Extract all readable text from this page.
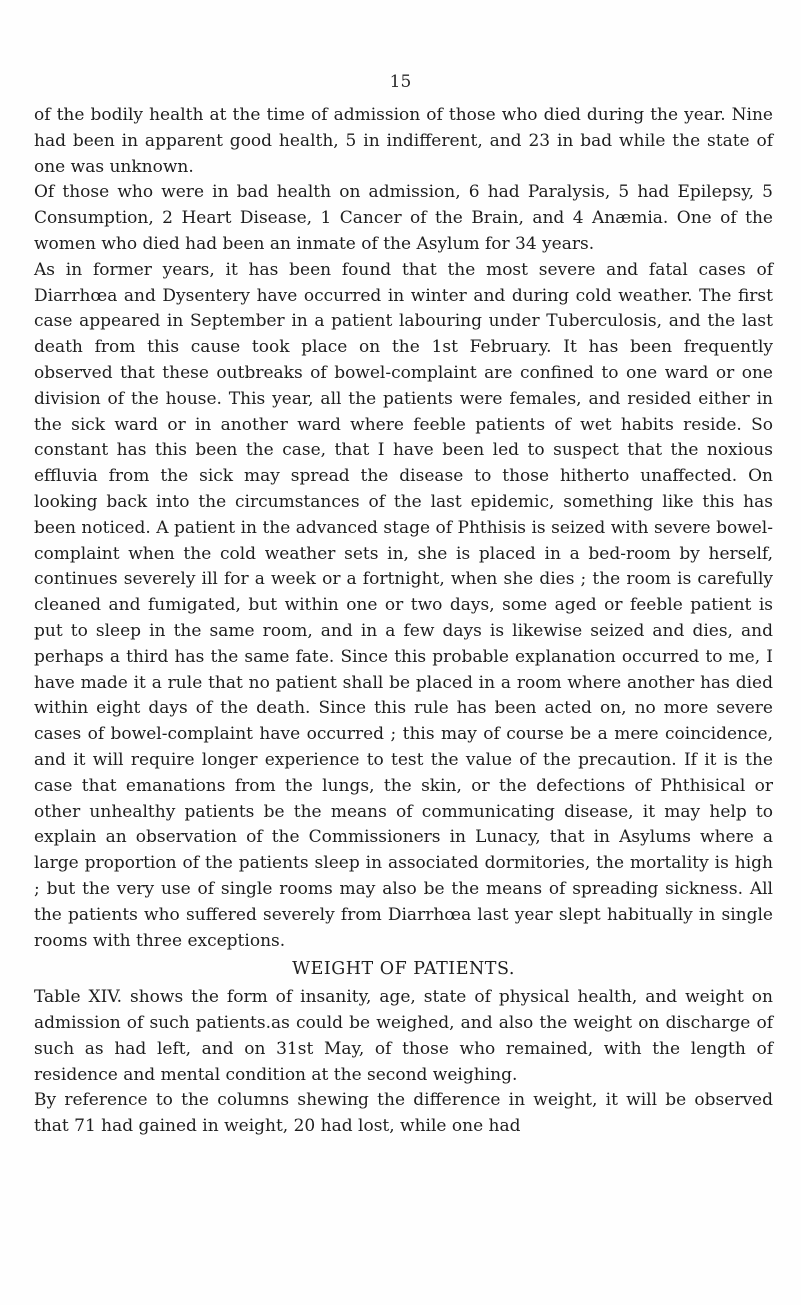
15

of the bodily health at the time of admission of those who died during the year. Nine had been in apparent good health, 5 in indifferent, and 23 in bad while the state of one was unknown.

Of those who were in bad health on admission, 6 had Paralysis, 5 had Epilepsy, 5 Consumption, 2 Heart Disease, 1 Cancer of the Brain, and 4 Anæmia. One of the women who died had been an inmate of the Asylum for 34 years.

As in former years, it has been found that the most severe and fatal cases of Diarrhœa and Dysentery have occurred in winter and during cold weather. The first case appeared in September in a patient labouring under Tuberculosis, and the last death from this cause took place on the 1st February. It has been frequently observed that these outbreaks of bowel-complaint are confined to one ward or one division of the house. This year, all the patients were females, and resided either in the sick ward or in another ward where feeble patients of wet habits reside. So constant has this been the case, that I have been led to suspect that the noxious effluvia from the sick may spread the disease to those hitherto unaffected. On looking back into the circumstances of the last epidemic, something like this has been noticed. A patient in the advanced stage of Phthisis is seized with severe bowel-complaint when the cold weather sets in, she is placed in a bed-room by herself, continues severely ill for a week or a fortnight, when she dies ; the room is carefully cleaned and fumigated, but within one or two days, some aged or feeble patient is put to sleep in the same room, and in a few days is likewise seized and dies, and perhaps a third has the same fate. Since this probable explanation occurred to me, I have made it a rule that no patient shall be placed in a room where another has died within eight days of the death. Since this rule has been acted on, no more severe cases of bowel-complaint have occurred ; this may of course be a mere coincidence, and it will require longer experience to test the value of the precaution. If it is the case that emanations from the lungs, the skin, or the defections of Phthisical or other unhealthy patients be the means of communicating disease, it may help to explain an observation of the Commissioners in Lunacy, that in Asylums where a large proportion of the patients sleep in associated dormitories, the mortality is high ; but the very use of single rooms may also be the means of spreading sickness. All the patients who suffered severely from Diarrhœa last year slept habitually in single rooms with three exceptions.

WEIGHT OF PATIENTS.

Table XIV. shows the form of insanity, age, state of physical health, and weight on admission of such patients.as could be weighed, and also the weight on discharge of such as had left, and on 31st May, of those who remained, with the length of residence and mental condition at the second weighing.

By reference to the columns shewing the difference in weight, it will be observed that 71 had gained in weight, 20 had lost, while one had
